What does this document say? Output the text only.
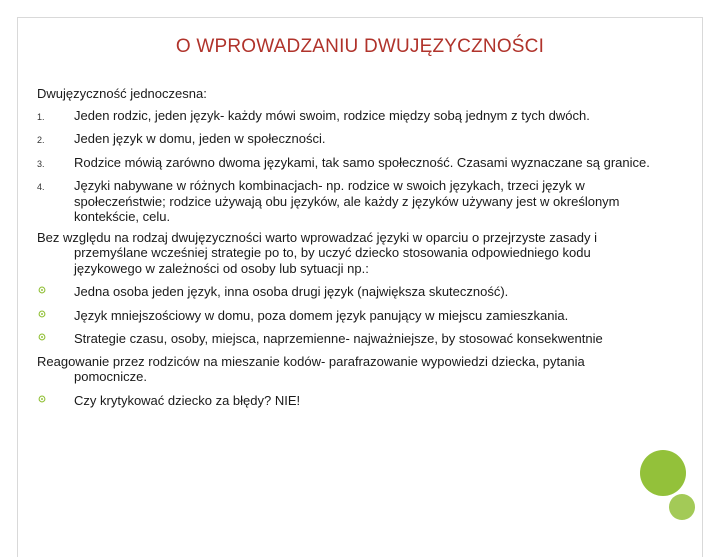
O WPROWADZANIU DWUJĘZYCZNOŚCI

Dwujęzyczność jednoczesna:

1. Jeden rodzic, jeden język- każdy mówi swoim, rodzice między sobą jednym z tych dwóch.
2. Jeden język w domu, jeden w społeczności.
3. Rodzice mówią zarówno dwoma językami, tak samo społeczność. Czasami wyznaczane są granice.
4. Języki nabywane w różnych kombinacjach- np. rodzice w swoich językach, trzeci język w społeczeństwie; rodzice używają obu języków, ale każdy z języków używany jest w określonym kontekście, celu.

Bez względu na rodzaj dwujęzyczności warto wprowadzać języki w oparciu o przejrzyste zasady i przemyślane wcześniej strategie po to, by uczyć dziecko stosowania odpowiedniego kodu językowego w zależności od osoby lub sytuacji np.:

Jedna osoba jeden język, inna osoba drugi język (największa skuteczność).
Język mniejszościowy w domu, poza domem język panujący w miejscu zamieszkania.
Strategie czasu, osoby, miejsca, naprzemienne- najważniejsze, by stosować konsekwentnie

Reagowanie przez rodziców na mieszanie kodów- parafrazowanie wypowiedzi dziecka, pytania pomocnicze.

Czy krytykować dziecko za błędy? NIE!
